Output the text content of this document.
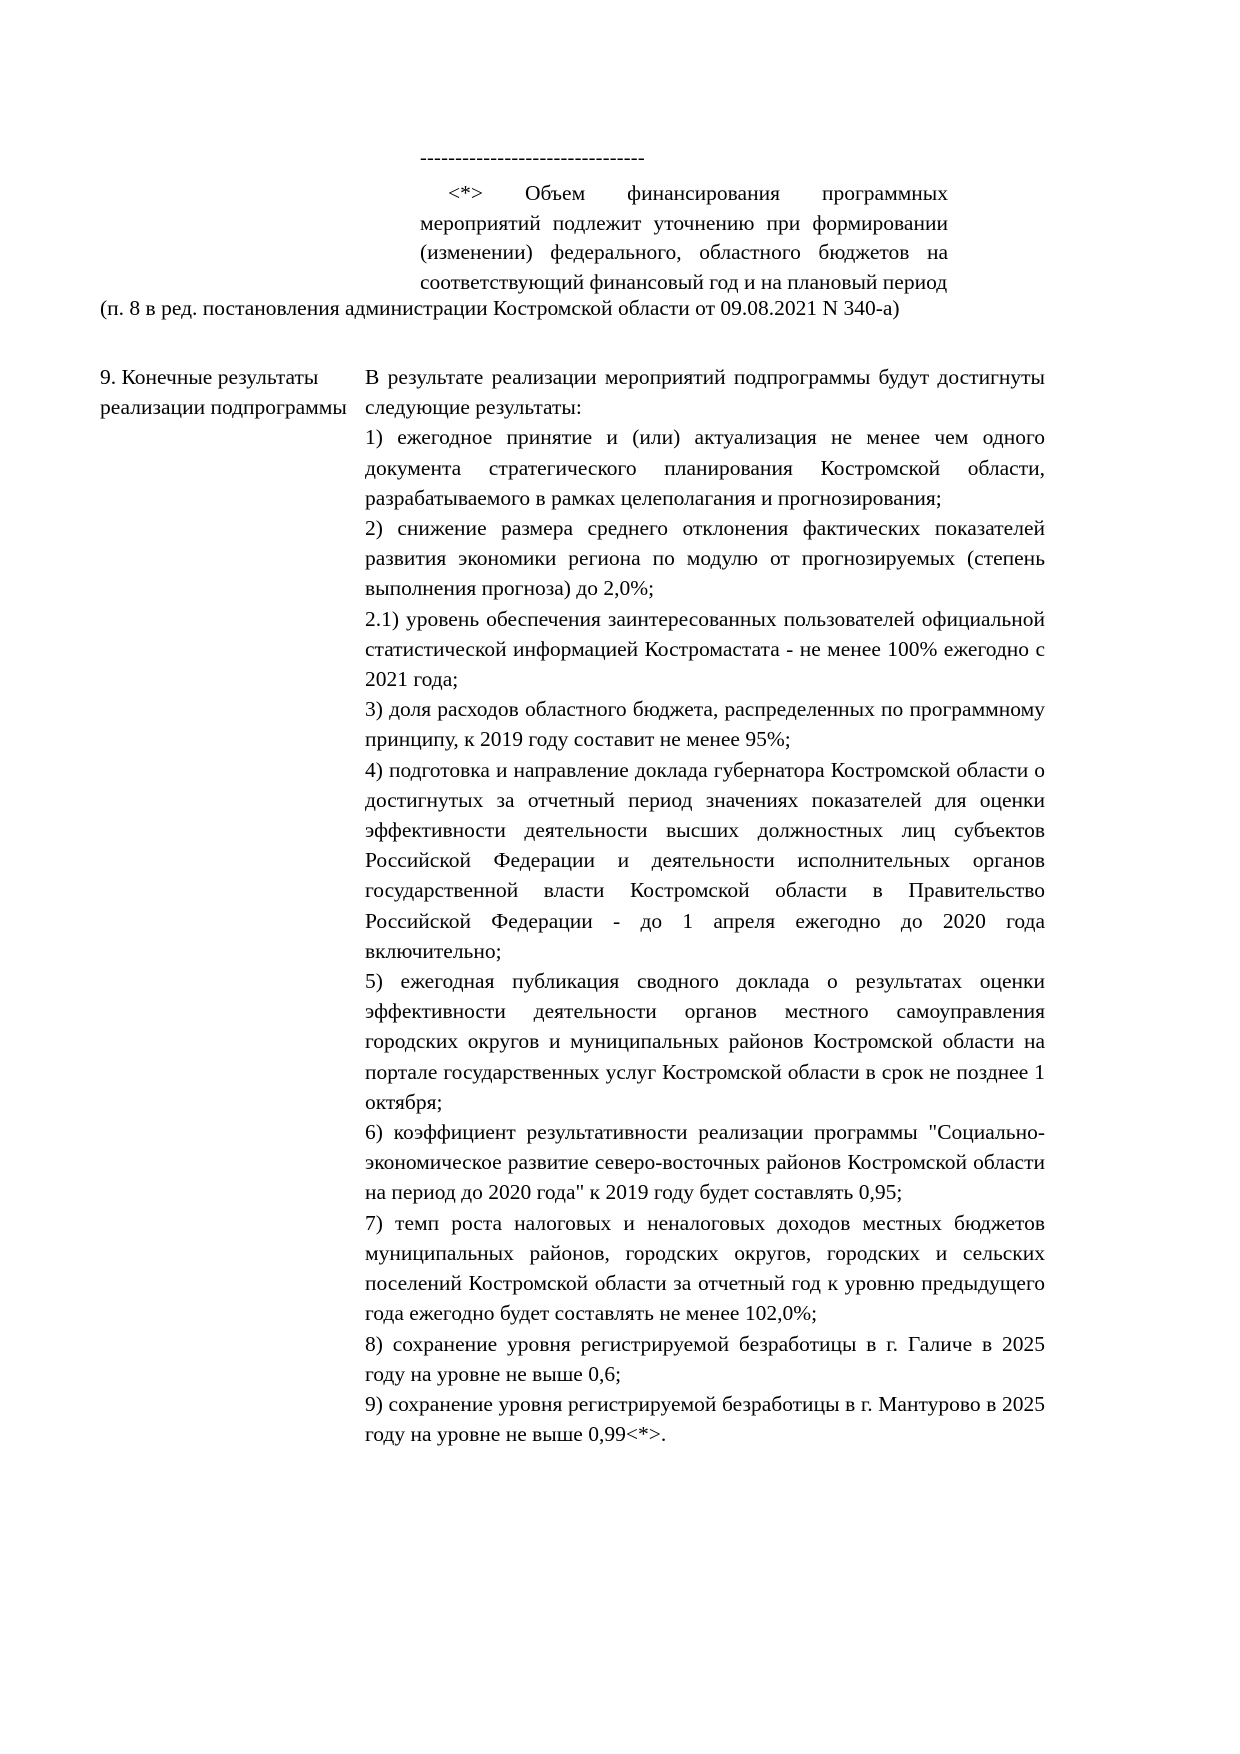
--------------------------------
<*> Объем финансирования программных мероприятий подлежит уточнению при формировании (изменении) федерального, областного бюджетов на соответствующий финансовый год и на плановый период
(п. 8 в ред. постановления администрации Костромской области от 09.08.2021 N 340-а)
9. Конечные результаты реализации подпрограммы

В результате реализации мероприятий подпрограммы будут достигнуты следующие результаты:

1) ежегодное принятие и (или) актуализация не менее чем одного документа стратегического планирования Костромской области, разрабатываемого в рамках целеполагания и прогнозирования;

2) снижение размера среднего отклонения фактических показателей развития экономики региона по модулю от прогнозируемых (степень выполнения прогноза) до 2,0%;

2.1) уровень обеспечения заинтересованных пользователей официальной статистической информацией Костромастата - не менее 100% ежегодно с 2021 года;

3) доля расходов областного бюджета, распределенных по программному принципу, к 2019 году составит не менее 95%;

4) подготовка и направление доклада губернатора Костромской области о достигнутых за отчетный период значениях показателей для оценки эффективности деятельности высших должностных лиц субъектов Российской Федерации и деятельности исполнительных органов государственной власти Костромской области в Правительство Российской Федерации - до 1 апреля ежегодно до 2020 года включительно;

5) ежегодная публикация сводного доклада о результатах оценки эффективности деятельности органов местного самоуправления городских округов и муниципальных районов Костромской области на портале государственных услуг Костромской области в срок не позднее 1 октября;

6) коэффициент результативности реализации программы "Социально-экономическое развитие северо-восточных районов Костромской области на период до 2020 года" к 2019 году будет составлять 0,95;

7) темп роста налоговых и неналоговых доходов местных бюджетов муниципальных районов, городских округов, городских и сельских поселений Костромской области за отчетный год к уровню предыдущего года ежегодно будет составлять не менее 102,0%;

8) сохранение уровня регистрируемой безработицы в г. Галиче в 2025 году на уровне не выше 0,6;

9) сохранение уровня регистрируемой безработицы в г. Мантурово в 2025 году на уровне не выше 0,99<*>.
